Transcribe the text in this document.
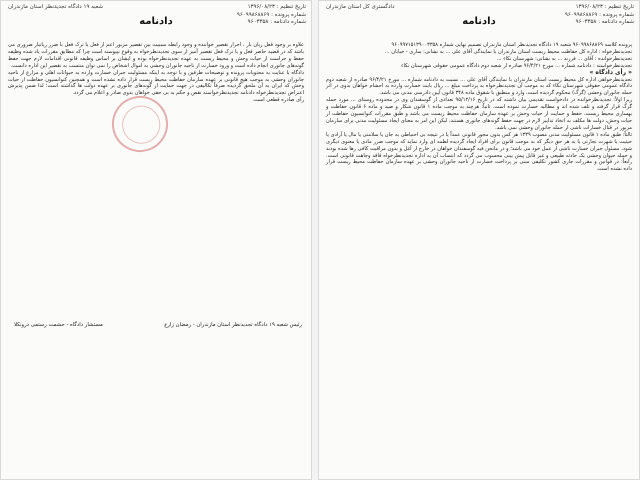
تاریخ تنظیم : ۱۳۹۶/۰۸/۲۳
شماره پرونده : ۹۶۰۹۹۸۶۸۸۶۹
شماره دادنامه : ۹۶۰۳۳۵۸
شعبه ۱۹ دادگاه تجدیدنظر استان مازندران
دادنامه

علاوه بر وجود فعل زیان بار ، احراز تقصیر خواننده و وجود رابطه سببیت بین تقصیر مزبور اعم از فعل یا ترک فعل با ضرر زیانبار ضروری می باشد که در قضیه حاضر فعل و یا ترک فعل تقصیر آمیز از سوی تجدیدنظرخواه به وقوع نپیوسته است چرا که مطابق مقررات یاد شده وظیفه حفظ و حراست از حیات وحش و محیط زیست به عهده تجدیدنظرخواه بوده و ایشان بر اساس وظیفه قانونی اقدامات لازم جهت حفظ گونه‌های جانوری انجام داده است و ورود خسارت از ناحیه جانوران وحشی به اموال اشخاص را نمی توان منتسب به تقصیر این اداره دانست.

دادگاه با عنایت به محتویات پرونده و توضیحات طرفین و با توجه به اینکه مسئولیت جبران خسارت وارده به حیوانات اهلی و مزارع از ناحیه جانوران وحشی به موجب هیچ قانونی بر عهده سازمان حفاظت محیط زیست قرار داده نشده است و همچنین کنوانسیون حفاظت از حیات وحش که ایران به آن ملحق گردیده صرفاً تکالیفی در جهت حمایت از گونه‌های جانوری بر عهده دولت ها گذاشته است؛ لذا ضمن پذیرش اعتراض تجدیدنظرخواه دادنامه تجدیدنظرخواسته نقض و حکم به بی حقی خواهان بدوی صادر و اعلام می گردد.

رأی صادره قطعی است.

رئیس شعبه ۱۹ دادگاه تجدیدنظر استان مازندران - رمضان زارع
مستشار دادگاه - حشمت رستمی درونکلا
تاریخ تنظیم : ۱۳۹۶/۰۸/۲۳
شماره پرونده : ۹۶۰۹۹۸۶۸۸۶۹
شماره دادنامه : ۹۶۰۳۳۵۸
دادگستری کل استان مازندران
دادنامه

پرونده کلاسه ۹۶۰۹۹۸۶۸۸۶۹ شعبه ۱۹ دادگاه تجدیدنظر استان مازندران تصمیم نهایی شماره ۹۶۰۹۹۷۱۵۱۳۹۰۰۳۳۵۸

تجدیدنظرخواه : اداره کل حفاظت محیط زیست استان مازندران با نمایندگی آقای علی ... به نشانی: ساری - خیابان ...

تجدیدنظرخوانده : آقای ... فرزند ... به نشانی: شهرستان نکاء ...

تجدیدنظرخواسته : دادنامه شماره ... مورخ ۹۶/۴/۲۱ صادره از شعبه دوم دادگاه عمومی حقوقی شهرستان نکاء

« رأی دادگاه »

تجدیدنظرخواهی اداره کل محیط زیست استان مازندران با نمایندگی آقای علی ... نسبت به دادنامه شماره ... مورخ ۹۶/۴/۲۱ صادره از شعبه دوم دادگاه عمومی حقوقی شهرستان نکاء که به موجب آن تجدیدنظرخواه به پرداخت مبلغ ... ریال بابت خسارت وارده به احشام خواهان بدوی در اثر حمله جانوران وحشی (گرگ) محکوم گردیده است، وارد و منطبق با شقوق ماده ۳۴۸ قانون آیین دادرسی مدنی می باشد.

زیرا اولاً: تجدیدنظرخوانده در دادخواست تقدیمی بیان داشته که در تاریخ ۹۵/۱۲/۱۶ تعدادی از گوسفندان وی در محدوده روستای ... مورد حمله گرگ قرار گرفته و تلف شده اند و مطالبه خسارت نموده است. ثانیاً: هرچند به موجب ماده ۱ قانون شکار و صید و ماده ۶ قانون حفاظت و بهسازی محیط زیست، حفظ و حمایت از حیات وحش بر عهده سازمان حفاظت محیط زیست می باشد و طبق مقررات کنوانسیون حفاظت از حیات وحش، دولت ها مکلف به اتخاذ تدابیر لازم در جهت حفظ گونه‌های جانوری هستند، لیکن این امر به معنای ایجاد مسئولیت مدنی برای سازمان مزبور در قبال خسارات ناشی از حمله جانوران وحشی نمی باشد.

ثالثاً: طبق ماده ۱ قانون مسئولیت مدنی مصوب ۱۳۳۹ هر کس بدون مجوز قانونی عمداً یا در نتیجه بی احتیاطی به جان یا سلامتی یا مال یا آزادی یا حیثیت یا شهرت تجارتی یا به هر حق دیگر که به موجب قانون برای افراد ایجاد گردیده لطمه ای وارد نماید که موجب ضرر مادی یا معنوی دیگری شود، مسئول جبران خسارت ناشی از عمل خود می باشد؛ و در مانحن فیه گوسفندان خواهان در خارج از آغل و بدون مراقبت کافی رها شده بودند و حمله حیوان وحشی یک حادثه طبیعی و غیر قابل پیش بینی محسوب می گردد که انتساب آن به اداره تجدیدنظرخواه فاقد وجاهت قانونی است. رابعاً: در قوانین و مقررات جاری کشور تکلیفی مبنی بر پرداخت خسارت از ناحیه جانوران وحشی بر عهده سازمان حفاظت محیط زیست قرار داده نشده است.
